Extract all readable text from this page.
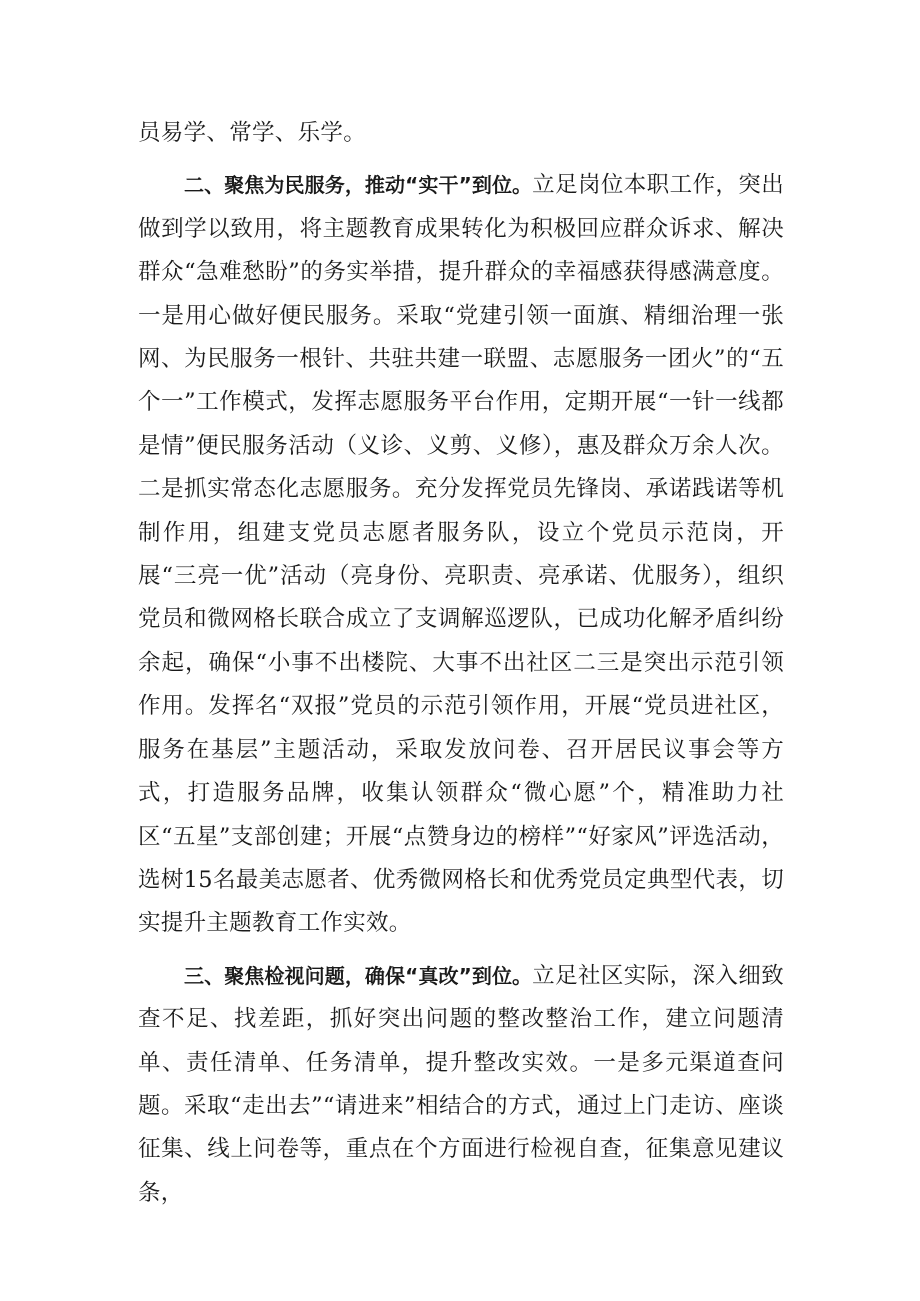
员易学、常学、乐学。

二、聚焦为民服务，推动“实干”到位。立足岗位本职工作，突出做到学以致用，将主题教育成果转化为积极回应群众诉求、解决群众“急难愁盼”的务实举措，提升群众的幸福感获得感满意度。一是用心做好便民服务。采取“党建引领一面旗、精细治理一张网、为民服务一根针、共驻共建一联盟、志愿服务一团火”的“五个一”工作模式，发挥志愿服务平台作用，定期开展“一针一线都是情”便民服务活动（义诊、义剪、义修），惠及群众万余人次。二是抓实常态化志愿服务。充分发挥党员先锋岗、承诺践诺等机制作用，组建支党员志愿者服务队，设立个党员示范岗，开展“三亮一优”活动（亮身份、亮职责、亮承诺、优服务），组织党员和微网格长联合成立了支调解巡逻队，已成功化解矛盾纠纷余起，确保“小事不出楼院、大事不出社区二三是突出示范引领作用。发挥名“双报”党员的示范引领作用，开展“党员进社区，服务在基层”主题活动，采取发放问卷、召开居民议事会等方式，打造服务品牌，收集认领群众“微心愿”个，精准助力社区“五星”支部创建；开展“点赞身边的榜样”“好家风”评选活动，选树15名最美志愿者、优秀微网格长和优秀党员定典型代表，切实提升主题教育工作实效。

三、聚焦检视问题，确保“真改”到位。立足社区实际，深入细致查不足、找差距，抓好突出问题的整改整治工作，建立问题清单、责任清单、任务清单，提升整改实效。一是多元渠道查问题。采取“走出去”“请进来”相结合的方式，通过上门走访、座谈征集、线上问卷等，重点在个方面进行检视自查，征集意见建议条，
